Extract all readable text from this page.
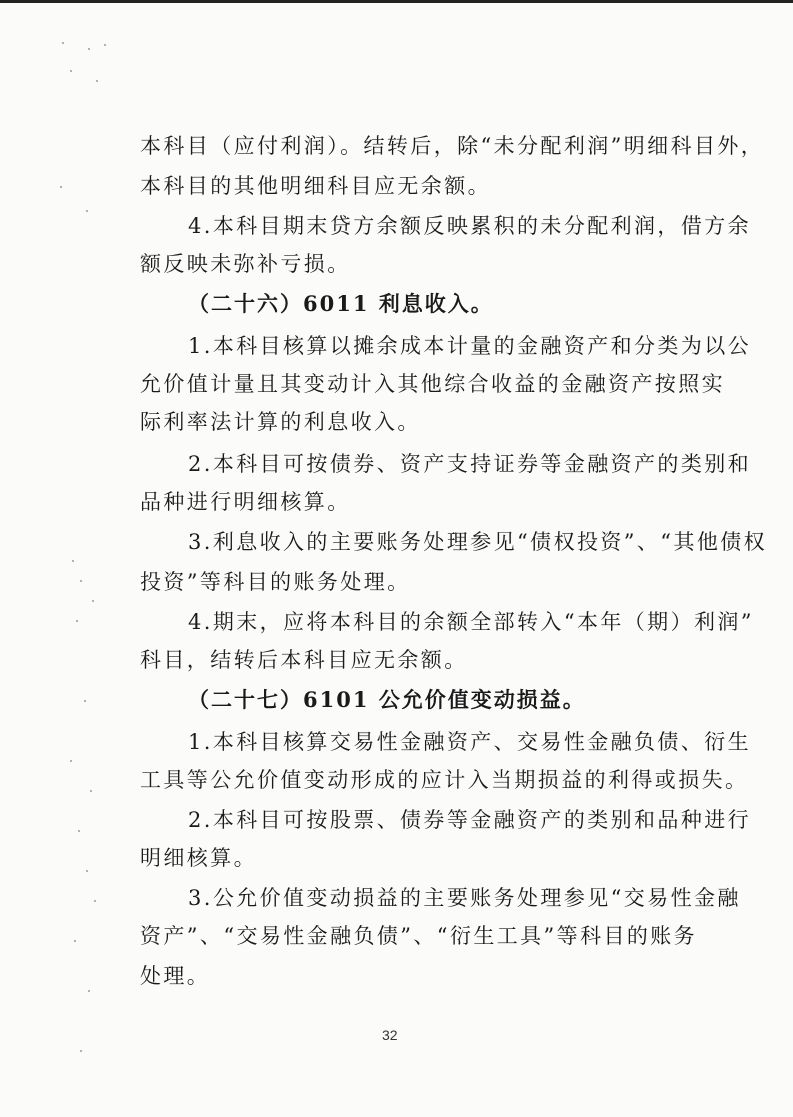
本科目（应付利润）。结转后，除“未分配利润”明细科目外，
本科目的其他明细科目应无余额。
4.本科目期末贷方余额反映累积的未分配利润，借方余
额反映未弥补亏损。
（二十六）6011 利息收入。
1.本科目核算以摊余成本计量的金融资产和分类为以公
允价值计量且其变动计入其他综合收益的金融资产按照实
际利率法计算的利息收入。
2.本科目可按债券、资产支持证券等金融资产的类别和
品种进行明细核算。
3.利息收入的主要账务处理参见“债权投资”、“其他债权
投资”等科目的账务处理。
4.期末，应将本科目的余额全部转入“本年（期）利润”
科目，结转后本科目应无余额。
（二十七）6101 公允价值变动损益。
1.本科目核算交易性金融资产、交易性金融负债、衍生
工具等公允价值变动形成的应计入当期损益的利得或损失。
2.本科目可按股票、债券等金融资产的类别和品种进行
明细核算。
3.公允价值变动损益的主要账务处理参见“交易性金融
资产”、“交易性金融负债”、“衍生工具”等科目的账务
处理。
32
